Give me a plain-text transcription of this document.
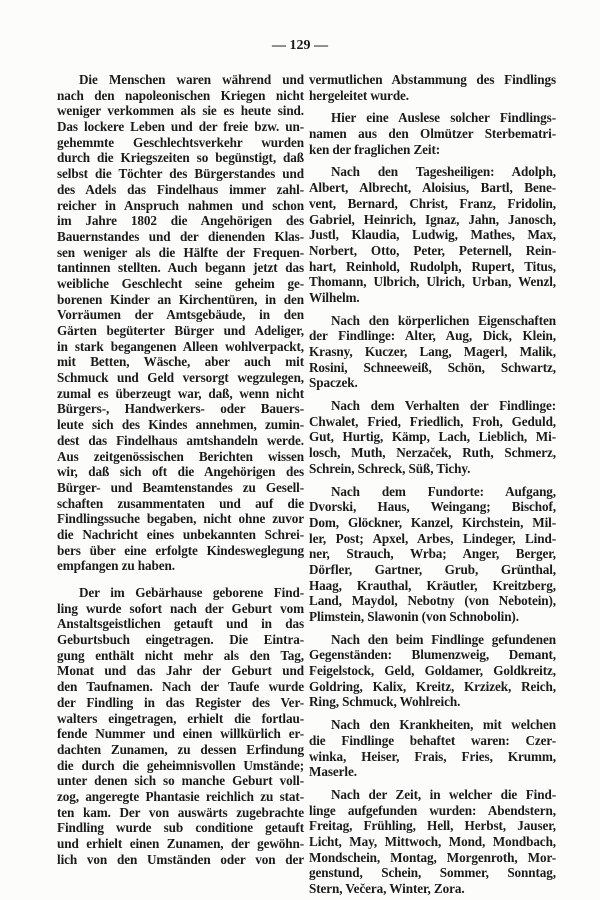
— 129 —
Die Menschen waren während und
nach den napoleonischen Kriegen nicht
weniger verkommen als sie es heute sind.
Das lockere Leben und der freie bzw. un-
gehemmte Geschlechtsverkehr wurden
durch die Kriegszeiten so begünstigt, daß
selbst die Töchter des Bürgerstandes und
des Adels das Findelhaus immer zahl-
reicher in Anspruch nahmen und schon
im Jahre 1802 die Angehörigen des
Bauernstandes und der dienenden Klas-
sen weniger als die Hälfte der Frequen-
tantinnen stellten. Auch begann jetzt das
weibliche Geschlecht seine geheim ge-
borenen Kinder an Kirchentüren, in den
Vorräumen der Amtsgebäude, in den
Gärten begüterter Bürger und Adeliger,
in stark begangenen Alleen wohlverpackt,
mit Betten, Wäsche, aber auch mit
Schmuck und Geld versorgt wegzulegen,
zumal es überzeugt war, daß, wenn nicht
Bürgers-, Handwerkers- oder Bauers-
leute sich des Kindes annehmen, zumin-
dest das Findelhaus amtshandeln werde.
Aus zeitgenössischen Berichten wissen
wir, daß sich oft die Angehörigen des
Bürger- und Beamtenstandes zu Gesell-
schaften zusammentaten und auf die
Findlingssuche begaben, nicht ohne zuvor
die Nachricht eines unbekannten Schrei-
bers über eine erfolgte Kindesweglegung
empfangen zu haben.
Der im Gebärhause geborene Find-
ling wurde sofort nach der Geburt vom
Anstaltsgeistlichen getauft und in das
Geburtsbuch eingetragen. Die Eintra-
gung enthält nicht mehr als den Tag,
Monat und das Jahr der Geburt und
den Taufnamen. Nach der Taufe wurde
der Findling in das Register des Ver-
walters eingetragen, erhielt die fortlau-
fende Nummer und einen willkürlich er-
dachten Zunamen, zu dessen Erfindung
die durch die geheimnisvollen Umstände;
unter denen sich so manche Geburt voll-
zog, angeregte Phantasie reichlich zu stat-
ten kam. Der von auswärts zugebrachte
Findling wurde sub conditione getauft
und erhielt einen Zunamen, der gewöhn-
lich von den Umständen oder von der
vermutlichen Abstammung des Findlings
hergeleitet wurde.
Hier eine Auslese solcher Findlings-
namen aus den Olmützer Sterbematri-
ken der fraglichen Zeit:
Nach den Tagesheiligen: Adolph,
Albert, Albrecht, Aloisius, Bartl, Bene-
vent, Bernard, Christ, Franz, Fridolin,
Gabriel, Heinrich, Ignaz, Jahn, Janosch,
Justl, Klaudia, Ludwig, Mathes, Max,
Norbert, Otto, Peter, Peternell, Rein-
hart, Reinhold, Rudolph, Rupert, Titus,
Thomann, Ulbrich, Ulrich, Urban, Wenzl,
Wilhelm.
Nach den körperlichen Eigenschaften
der Findlinge: Alter, Aug, Dick, Klein,
Krasny, Kuczer, Lang, Magerl, Malik,
Rosini, Schneeweiß, Schön, Schwartz,
Spaczek.
Nach dem Verhalten der Findlinge:
Chwalet, Fried, Friedlich, Froh, Geduld,
Gut, Hurtig, Kämp, Lach, Lieblich, Mi-
losch, Muth, Nerzaček, Ruth, Schmerz,
Schrein, Schreck, Süß, Tichy.
Nach dem Fundorte: Aufgang,
Dvorski, Haus, Weingang; Bischof,
Dom, Glöckner, Kanzel, Kirchstein, Mil-
ler, Post; Apxel, Arbes, Lindeger, Lind-
ner, Strauch, Wrba; Anger, Berger,
Dörfler, Gartner, Grub, Grünthal,
Haag, Krauthal, Kräutler, Kreitzberg,
Land, Maydol, Nebotny (von Nebotein),
Plimstein, Slawonin (von Schnobolin).
Nach den beim Findlinge gefundenen
Gegenständen: Blumenzweig, Demant,
Feigelstock, Geld, Goldamer, Goldkreitz,
Goldring, Kalix, Kreitz, Krzizek, Reich,
Ring, Schmuck, Wohlreich.
Nach den Krankheiten, mit welchen
die Findlinge behaftet waren: Czer-
winka, Heiser, Frais, Fries, Krumm,
Maserle.
Nach der Zeit, in welcher die Find-
linge aufgefunden wurden: Abendstern,
Freitag, Frühling, Hell, Herbst, Jauser,
Licht, May, Mittwoch, Mond, Mondbach,
Mondschein, Montag, Morgenroth, Mor-
genstund, Schein, Sommer, Sonntag,
Stern, Večera, Winter, Zora.
